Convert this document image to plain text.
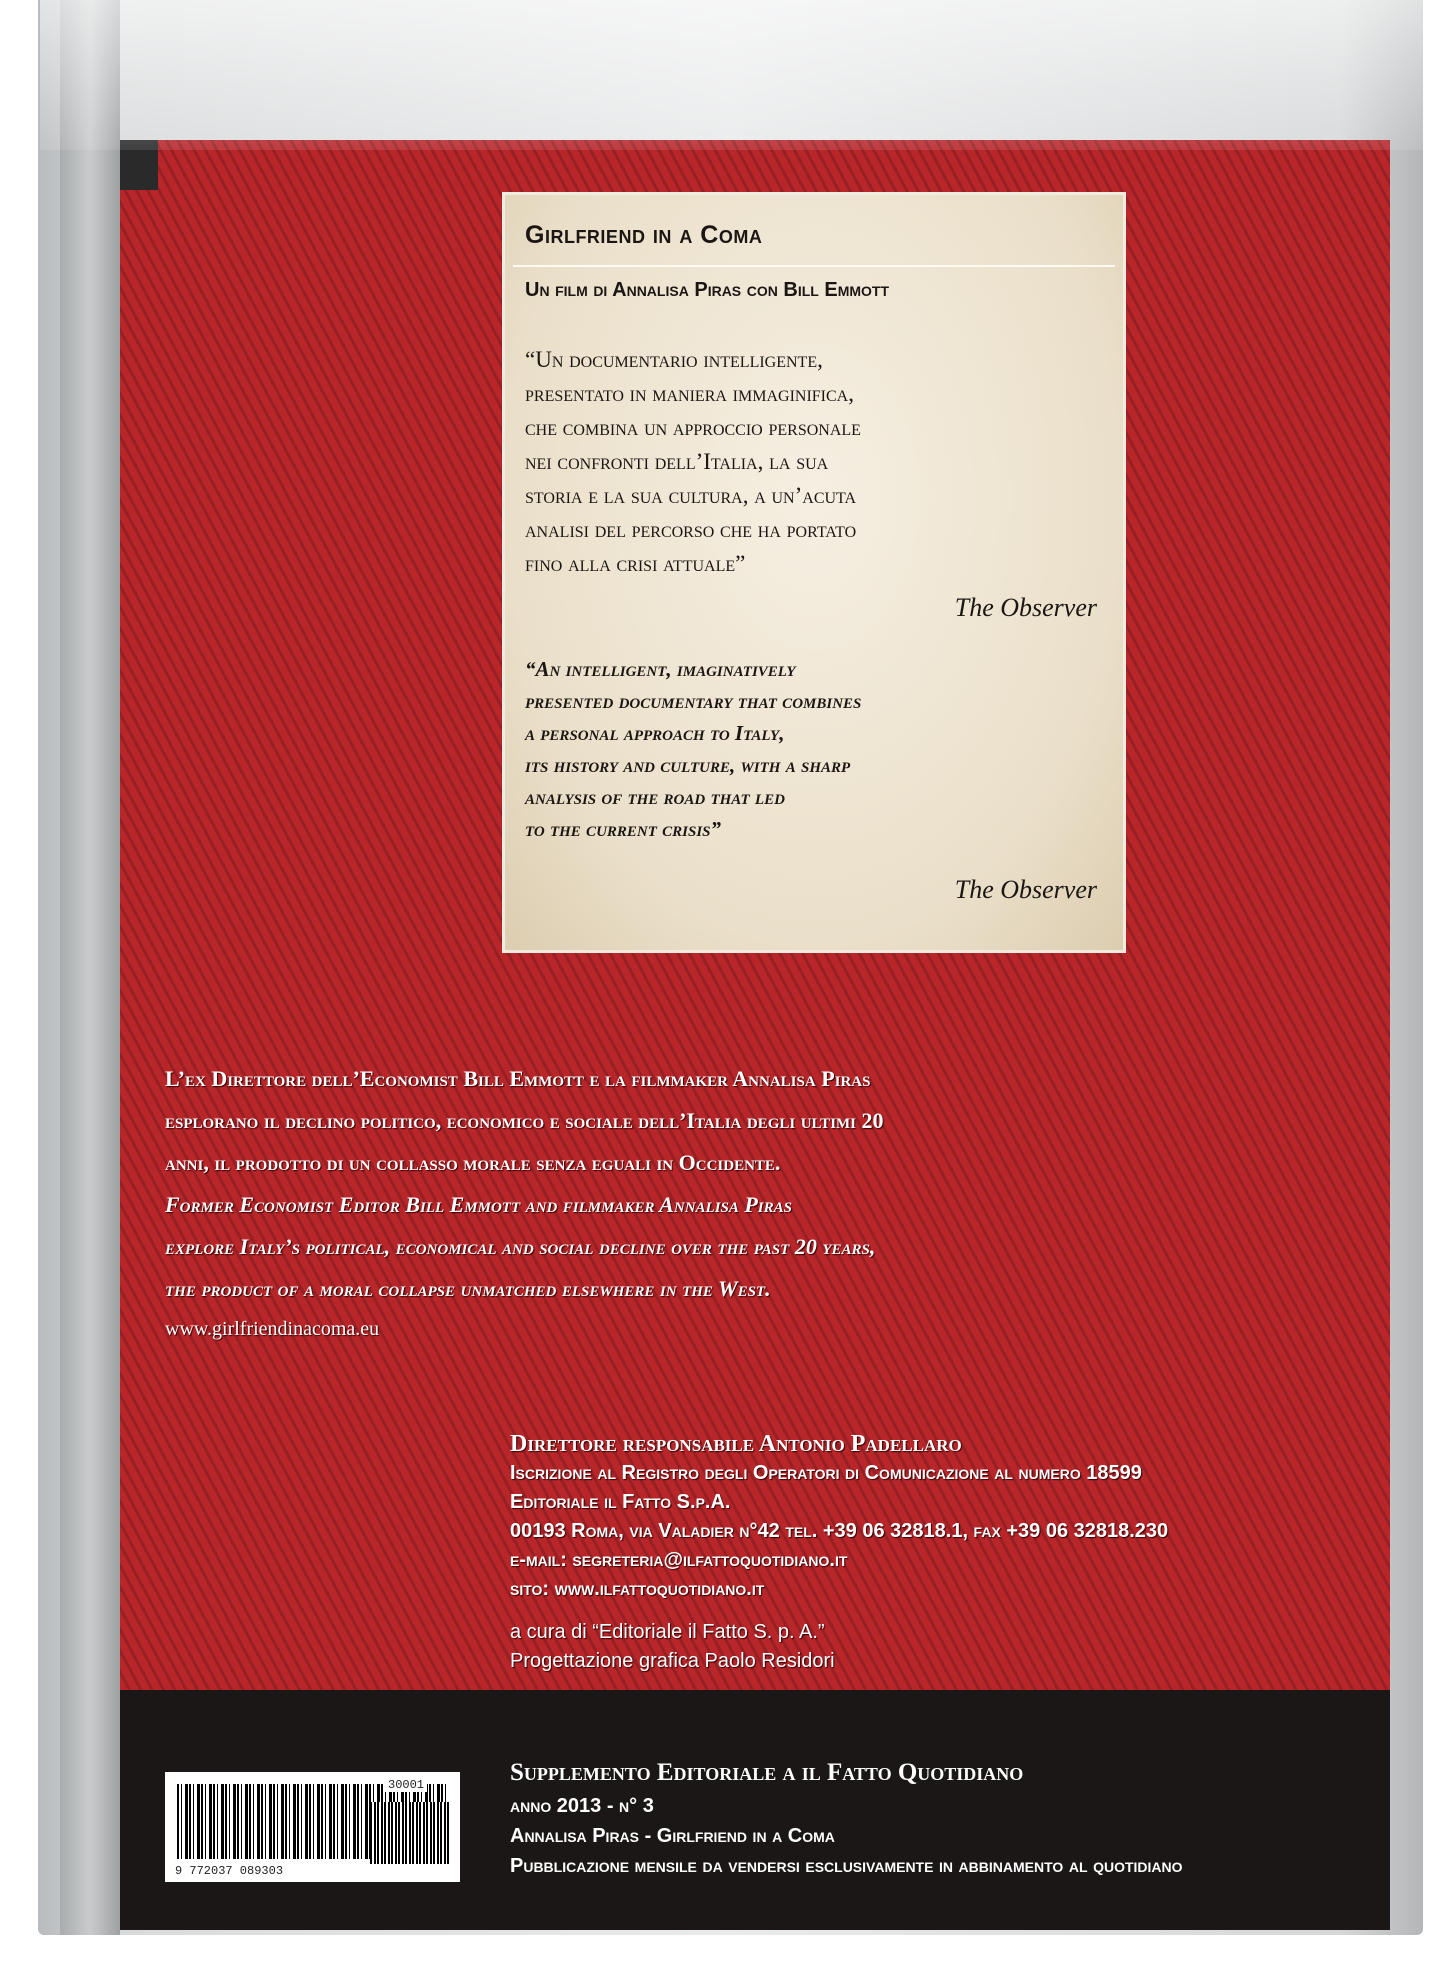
Girlfriend in a Coma
Un film di Annalisa Piras con Bill Emmott
“Un documentario intelligente,
presentato in maniera immaginifica,
che combina un approccio personale
nei confronti dell’Italia, la sua
storia e la sua cultura, a un’acuta
analisi del percorso che ha portato
fino alla crisi attuale”
The Observer
“An intelligent, imaginatively
presented documentary that combines
a personal approach to Italy,
its history and culture, with a sharp
analysis of the road that led
to the current crisis”
The Observer
L’ex Direttore dell’Economist Bill Emmott e la filmmaker Annalisa Piras
esplorano il declino politico, economico e sociale dell’Italia degli ultimi 20
anni, il prodotto di un collasso morale senza eguali in Occidente.
Former Economist Editor Bill Emmott and filmmaker Annalisa Piras
explore Italy’s political, economical and social decline over the past 20 years,
the product of a moral collapse unmatched elsewhere in the West.
www.girlfriendinacoma.eu
Direttore responsabile Antonio Padellaro
Iscrizione al Registro degli Operatori di Comunicazione al numero 18599
Editoriale il Fatto S.p.A.
00193 Roma, via Valadier n°42 tel. +39 06 32818.1, fax +39 06 32818.230
e-mail: segreteria@ilfattoquotidiano.it
sito: www.ilfattoquotidiano.it
a cura di “Editoriale il Fatto S. p. A.”
Progettazione grafica Paolo Residori
30001
9 772037 089303
Supplemento Editoriale a il Fatto Quotidiano
anno 2013 - n° 3
Annalisa Piras - Girlfriend in a Coma
Pubblicazione mensile da vendersi esclusivamente in abbinamento al quotidiano
